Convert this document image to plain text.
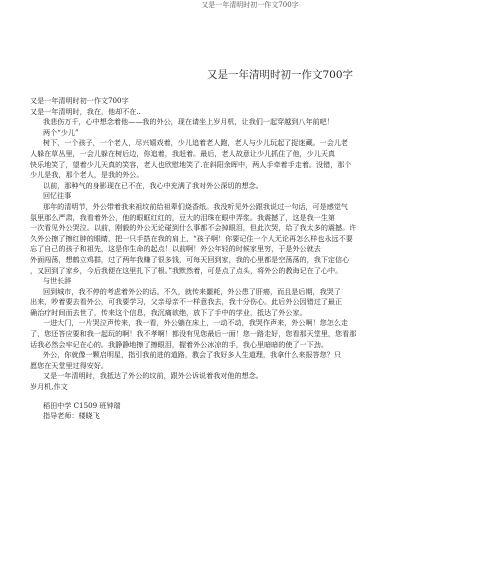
又是一年清明时初一作文700字
又是一年清明时初一作文700字

又是一年清明时初一作文700字

又是一年清明时，我在，他却不在..

我悲伤万千，心中想念着他——我的外公，现在请坐上岁月机，让我们一起穿越到八年前吧！

两个“少儿”

树下，一个孩子，一个老人，尽兴嬉戏着，少儿追着老人跑，老人与少儿玩起了捉迷藏。一会儿老

人躲在草丛里，一会儿躲在树后边，你追着，我赶着。最后，老人故意让少儿抓住了他，少儿天真

快乐地笑了，望着少儿天真的笑容，老人也欣慰地笑了.在斜阳余晖中，两人手牵着手走着。没错，那个

少儿是我，那个老人，是我的外公。

以前，那种气的身影现在已不在，我心中充满了我对外公深切的想念。

回忆往事

那年的清明节，外公带着我来祖坟前给祖辈们烧香纸。我没听见外公跟我说过一句话，可是感觉气

氛里那么严肃，我看着外公，他的眼眶红红的，豆大的泪珠在眼中弄浆。我震撼了，这是我一生第

一次看见外公哭泣。以前，刚毅的外公无论碰到什么事都不会掉眼泪，但此次哭，给了我太多的震撼。许

久外公擦了擦红肿的眼睛，把一只手搭在我的肩上，“孩子啊！你要记住一个人无论再怎么样也永远不要

忘了自己的孩子和祖先，这是你生命的起点！以前啊！外公年轻的时候家里穷，于是外公就去

外面闯荡，想鹤立鸡群，过了两年我赚了很多钱，可每天回到家，我的心里都是空荡荡的，我下定信心

，又回到了家乡，今后我便在这里扎下了根。”我默然着，可是点了点头，将外公的教诲记在了心中。

与世长辞

回到城市，我不停的考虑着外公的话。不久，就传来噩耗，外公患了肝癌，而且是后期，我哭了

出来，吵着要去看外公，可我要学习，父亲母亲不一样意我去，我十分伤心。此后外公因错过了最正

确治疗时间而去世了，传来这个信息，我沉痛欲绝，放下了手中的学业，抵达了外公家。

一进大门，一片哭泣声传来，我一看，外公躺在床上，一动不动，我哭作声来，外公啊！您怎么走

了，您还答应要和我一起玩的啊！我不孝啊！都没有见您最后一面！您一路走好，您看那天堂里，您看那

话我必然会牢记在心的。我静静地擦了擦眼泪，握着外公冰凉的手，我心里暗暗的使了一下劲。

外公，你就像一颗启明星，指引我前进的道路，教会了我好多人生道理，我拿什么来报答您？只

愿您在天堂里过得安好。

又是一年清明时，我抵达了外公的坟前，跟外公诉说着我对他的想念。

岁月机,作文

稻田中学 C1509 班钟瑞

指导老师：楼晓飞
